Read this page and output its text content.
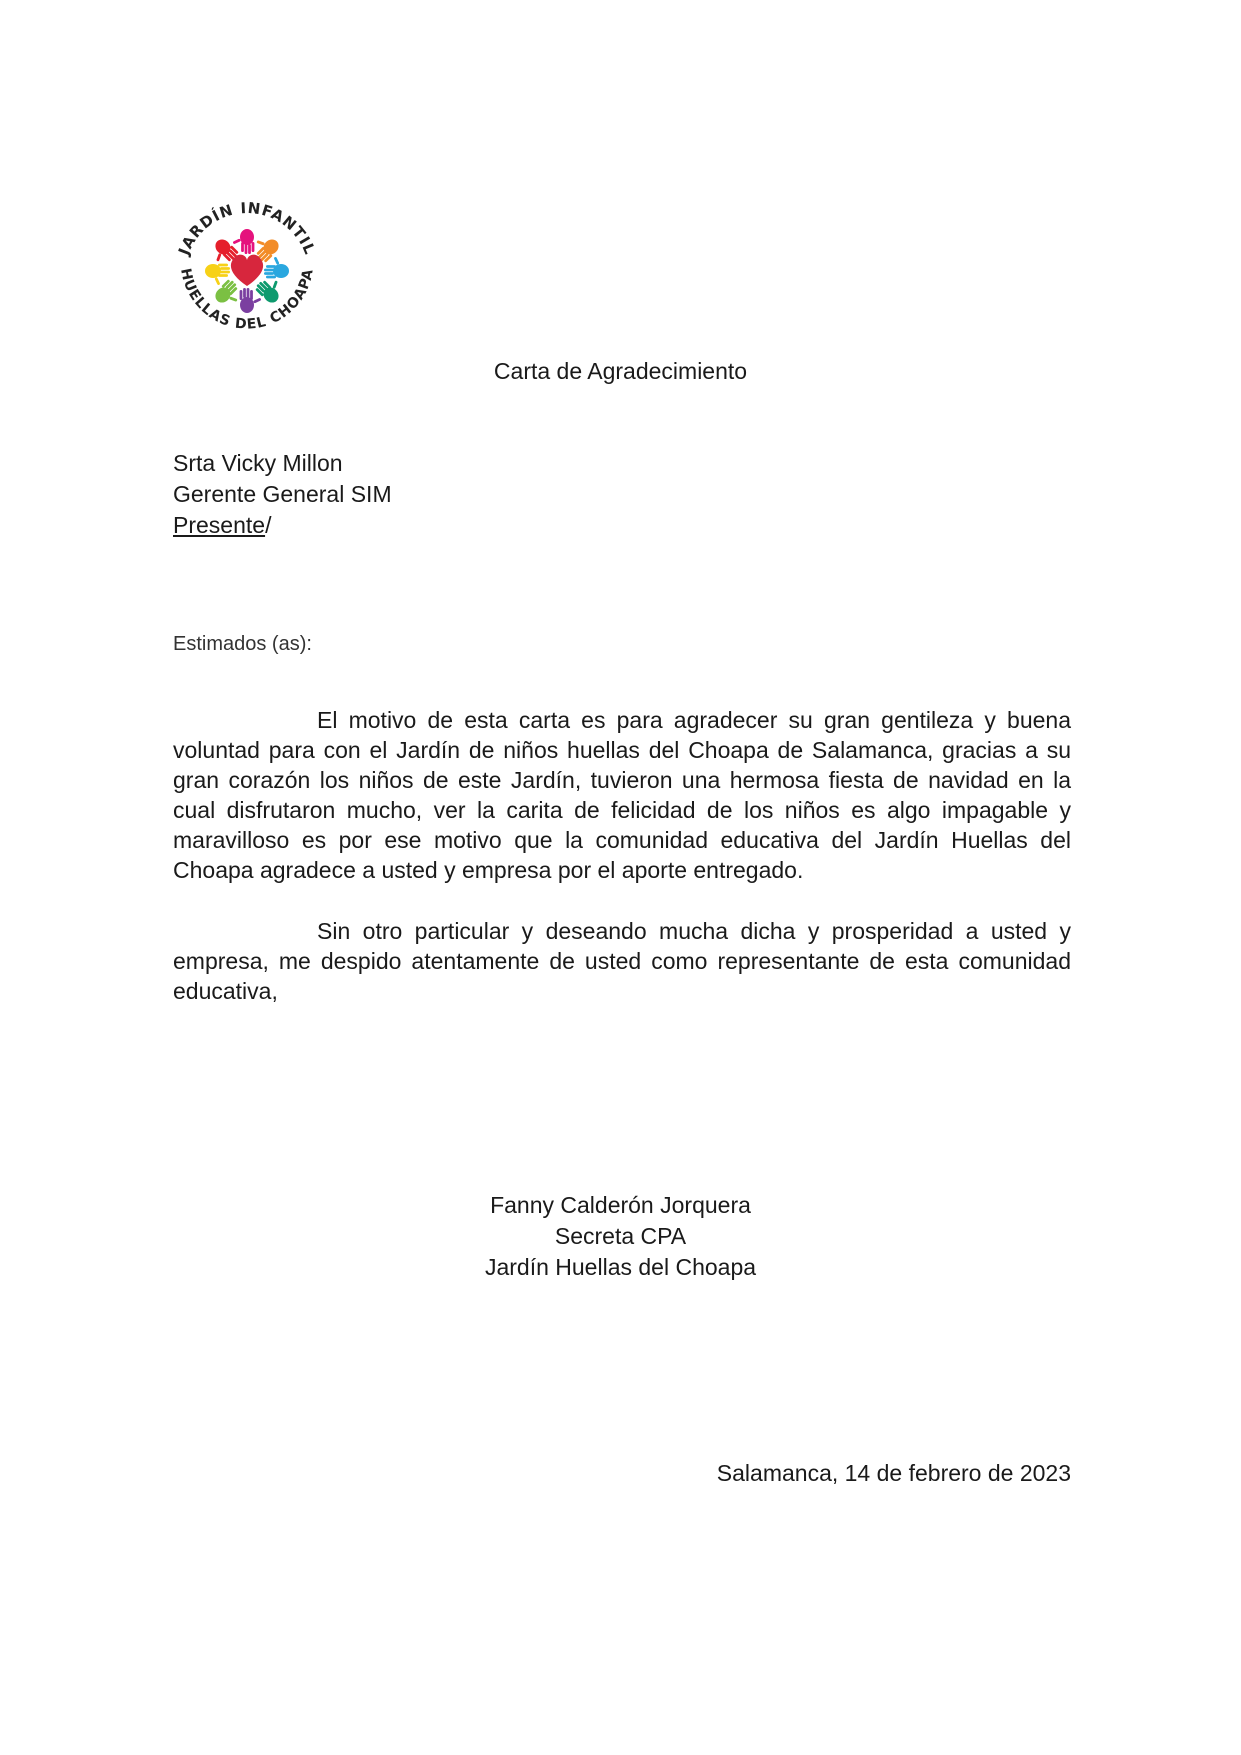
JARDÍN INFANTIL
HUELLAS DEL CHOAPA
Carta de Agradecimiento
Srta Vicky Millon
Gerente General SIM
Presente/
Estimados (as):

El motivo de esta carta es para agradecer su gran gentileza y buena voluntad para con el Jardín de niños huellas del Choapa de Salamanca, gracias a su gran corazón los niños de este Jardín, tuvieron una hermosa fiesta de navidad en la cual disfrutaron mucho, ver la carita de felicidad de los niños es algo impagable y maravilloso es por ese motivo que la comunidad educativa del Jardín Huellas del Choapa agradece a usted y empresa por el aporte entregado.

Sin otro particular y deseando mucha dicha y prosperidad a usted y empresa, me despido atentamente de usted como representante de esta comunidad educativa,

Fanny Calderón Jorquera
Secreta CPA
Jardín Huellas del Choapa
Salamanca, 14 de febrero de 2023
